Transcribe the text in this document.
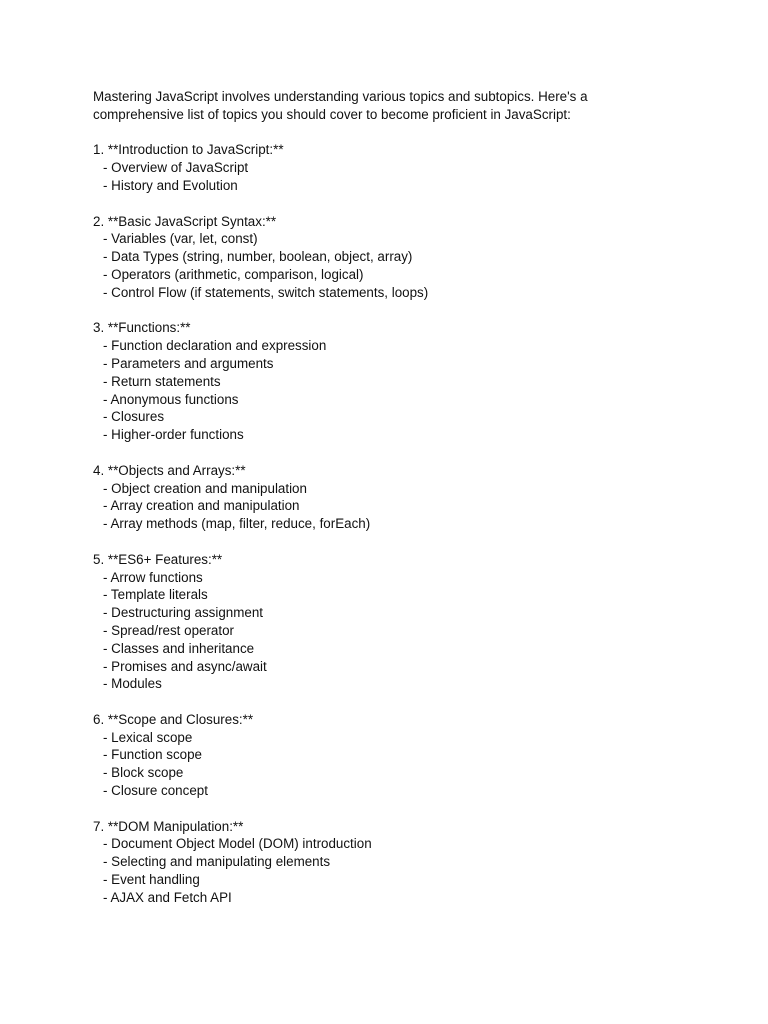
Mastering JavaScript involves understanding various topics and subtopics. Here's a
comprehensive list of topics you should cover to become proficient in JavaScript:
1. **Introduction to JavaScript:**
- Overview of JavaScript
- History and Evolution
2. **Basic JavaScript Syntax:**
- Variables (var, let, const)
- Data Types (string, number, boolean, object, array)
- Operators (arithmetic, comparison, logical)
- Control Flow (if statements, switch statements, loops)
3. **Functions:**
- Function declaration and expression
- Parameters and arguments
- Return statements
- Anonymous functions
- Closures
- Higher-order functions
4. **Objects and Arrays:**
- Object creation and manipulation
- Array creation and manipulation
- Array methods (map, filter, reduce, forEach)
5. **ES6+ Features:**
- Arrow functions
- Template literals
- Destructuring assignment
- Spread/rest operator
- Classes and inheritance
- Promises and async/await
- Modules
6. **Scope and Closures:**
- Lexical scope
- Function scope
- Block scope
- Closure concept
7. **DOM Manipulation:**
- Document Object Model (DOM) introduction
- Selecting and manipulating elements
- Event handling
- AJAX and Fetch API
